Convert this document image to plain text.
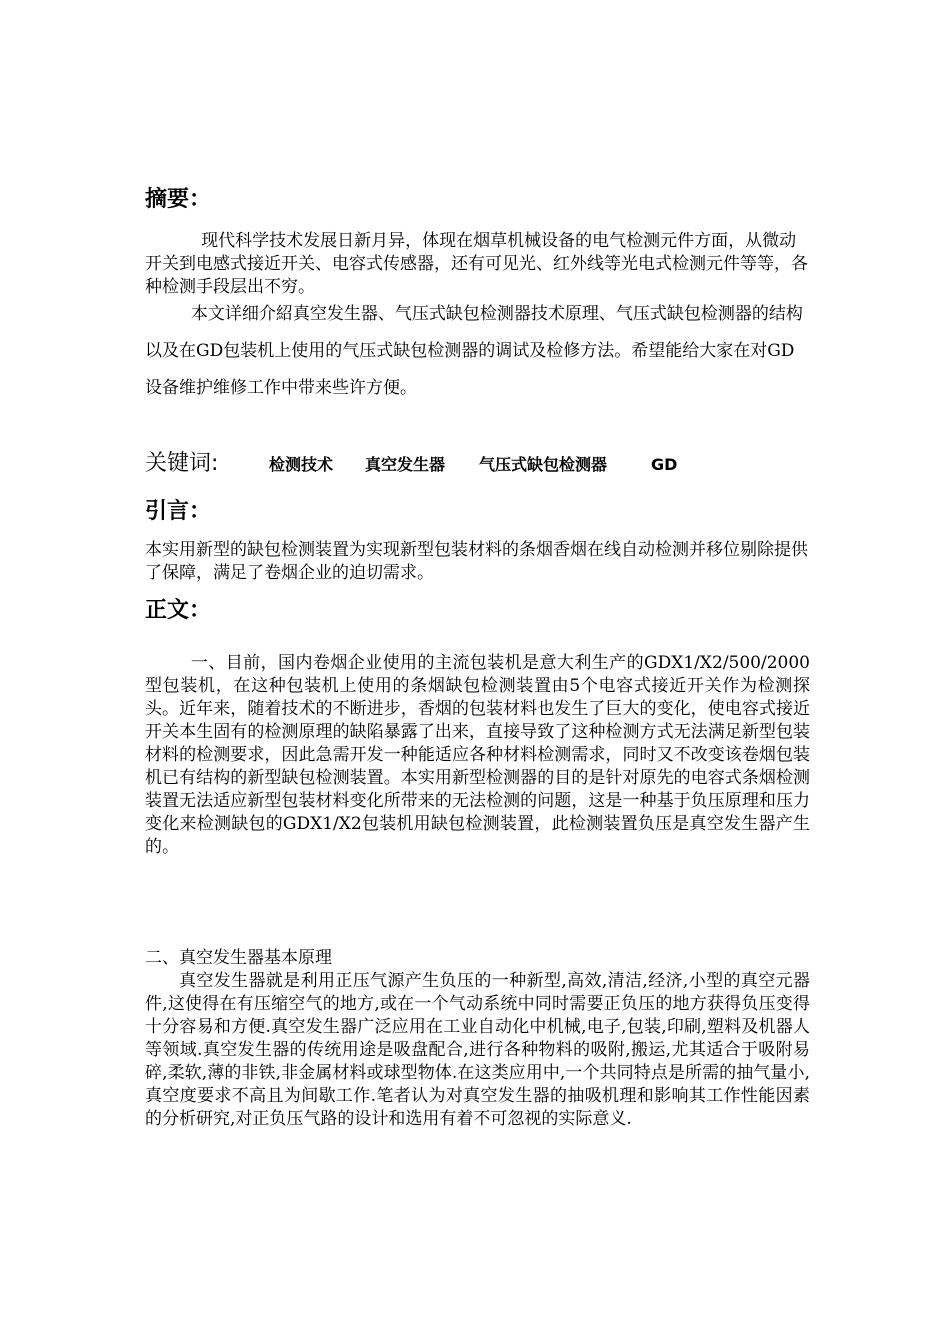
摘要：

现代科学技术发展日新月异，体现在烟草机械设备的电气检测元件方面，从微动开关到电感式接近开关、电容式传感器，还有可见光、红外线等光电式检测元件等等，各种检测手段层出不穷。

本文详细介紹真空发生器、气压式缺包检测器技术原理、气压式缺包检测器的结构以及在GD包装机上使用的气压式缺包检测器的调试及检修方法。希望能给大家在对GD设备维护维修工作中带来些许方便。

关键词:	检测技术 真空发生器 气压式缺包检测器	GD
引言：

本实用新型的缺包检测装置为实现新型包装材料的条烟香烟在线自动检测并移位剔除提供了保障，满足了卷烟企业的迫切需求。

正文：

一、目前，国内卷烟企业使用的主流包装机是意大利生产的GDX1/X2/500/2000型包装机，在这种包装机上使用的条烟缺包检测装置由5个电容式接近开关作为检测探头。近年来，随着技术的不断进步，香烟的包装材料也发生了巨大的变化，使电容式接近开关本生固有的检测原理的缺陷暴露了出来，直接导致了这种检测方式无法满足新型包装材料的检测要求，因此急需开发一种能适应各种材料检测需求，同时又不改变该卷烟包装机已有结构的新型缺包检测装置。本实用新型检测器的目的是针对原先的电容式条烟检测装置无法适应新型包装材料变化所带来的无法检测的问题，这是一种基于负压原理和压力变化来检测缺包的GDX1/X2包装机用缺包检测装置，此检测装置负压是真空发生器产生的。

二、真空发生器基本原理

真空发生器就是利用正压气源产生负压的一种新型,高效,清洁,经济,小型的真空元器件,这使得在有压缩空气的地方,或在一个气动系统中同时需要正负压的地方获得负压变得十分容易和方便.真空发生器广泛应用在工业自动化中机械,电子,包装,印刷,塑料及机器人等领域.真空发生器的传统用途是吸盘配合,进行各种物料的吸附,搬运,尤其适合于吸附易碎,柔软,薄的非铁,非金属材料或球型物体.在这类应用中,一个共同特点是所需的抽气量小,真空度要求不高且为间歇工作.笔者认为对真空发生器的抽吸机理和影响其工作性能因素的分析研究,对正负压气路的设计和选用有着不可忽视的实际意义.
